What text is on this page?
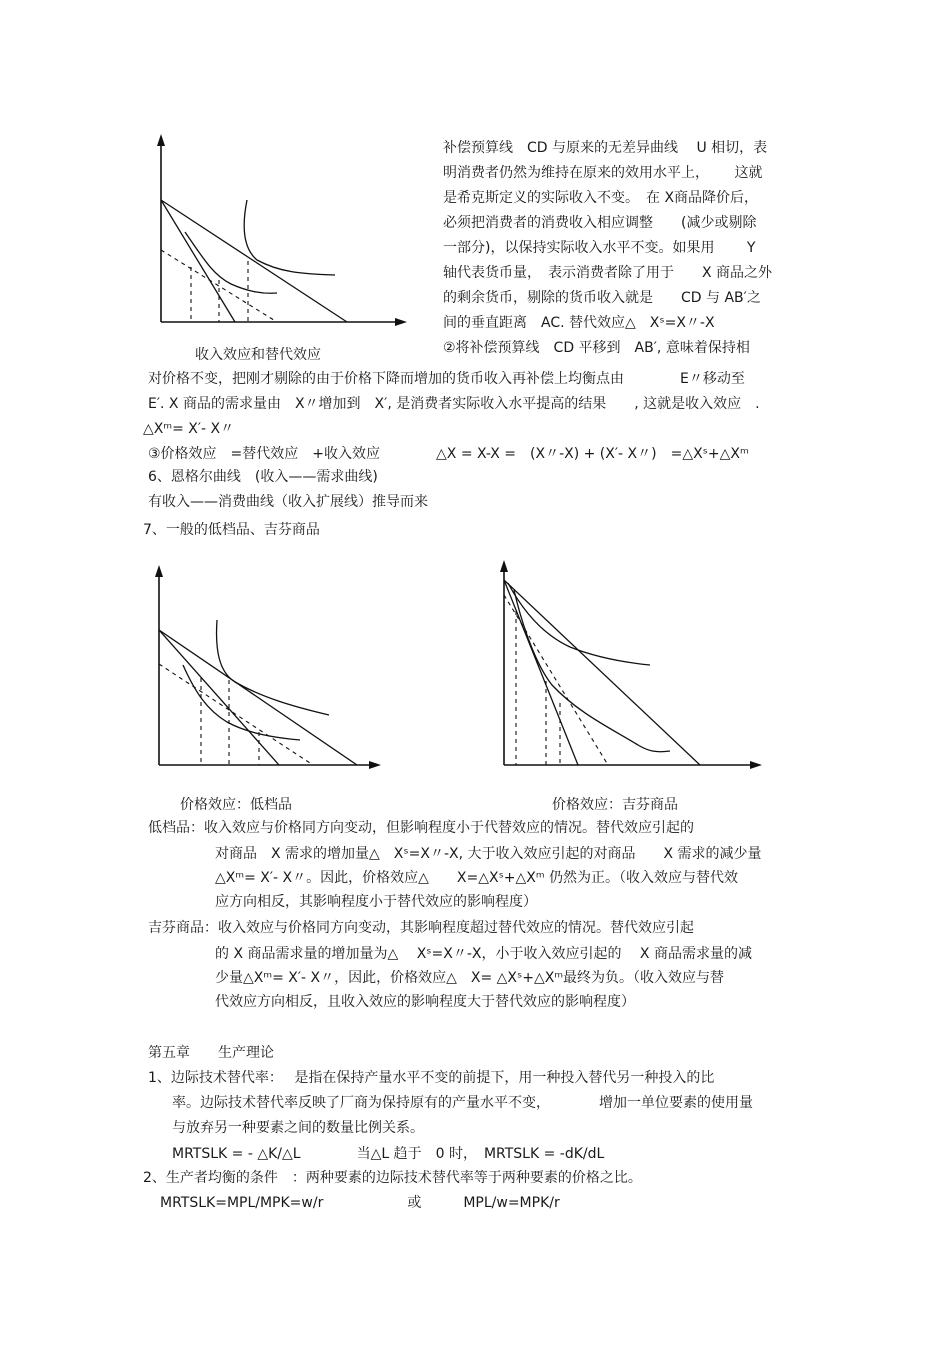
收入效应和替代效应
补偿预算线　CD 与原来的无差异曲线　 U 相切，表
明消费者仍然为维持在原来的效用水平上，　　 这就
是希克斯定义的实际收入不变。　在 X商品降价后，
必须把消费者的消费收入相应调整　　(减少或剔除
一部分)，以保持实际收入水平不变。如果用　　 Y
轴代表货币量，　表示消费者除了用于　　X 商品之外
的剩余货币，剔除的货币收入就是　　CD 与 AB′之
间的垂直距离　AC. 替代效应△　Xˢ=X〃-X
②将补偿预算线　CD 平移到　AB′, 意味着保持相
对价格不变，把刚才剔除的由于价格下降而增加的货币收入再补偿上均衡点由　　　　E〃移动至
E′. X 商品的需求量由　X〃增加到　X′, 是消费者实际收入水平提高的结果　　, 这就是收入效应　.
△Xᵐ= X′- X〃
③价格效应　=替代效应　+收入效应　　　　△X = X-X =　(X〃-X) + (X′- X〃)　=△Xˢ+△Xᵐ
6、恩格尔曲线　(收入——需求曲线)
有收入——消费曲线（收入扩展线）推导而来
7、一般的低档品、吉芬商品
价格效应：低档品	价格效应：吉芬商品
低档品：收入效应与价格同方向变动，但影响程度小于代替效应的情况。替代效应引起的
对商品　X 需求的增加量△　Xˢ=X〃-X, 大于收入效应引起的对商品　　X 需求的减少量
△Xᵐ= X′- X〃。因此，价格效应△　　X=△Xˢ+△Xᵐ 仍然为正。（收入效应与替代效
应方向相反，其影响程度小于替代效应的影响程度）
吉芬商品：收入效应与价格同方向变动，其影响程度超过替代效应的情况。替代效应引起
的 X 商品需求量的增加量为△　 Xˢ=X〃-X，小于收入效应引起的　 X 商品需求量的减
少量△Xᵐ= X′- X〃，因此，价格效应△　X= △Xˢ+△Xᵐ最终为负。（收入效应与替
代效应方向相反，且收入效应的影响程度大于替代效应的影响程度）
第五章　　生产理论
1、边际技术替代率：　 是指在保持产量水平不变的前提下，用一种投入替代另一种投入的比
率。边际技术替代率反映了厂商为保持原有的产量水平不变，　　　　增加一单位要素的使用量
与放弃另一种要素之间的数量比例关系。
MRTSLK = - △K/△L　　　　当△L 趋于　0 时，　MRTSLK = -dK/dL
2、生产者均衡的条件　：两种要素的边际技术替代率等于两种要素的价格之比。
MRTSLK=MPL/MPK=w/r　　　　　　或　　　MPL/w=MPK/r
